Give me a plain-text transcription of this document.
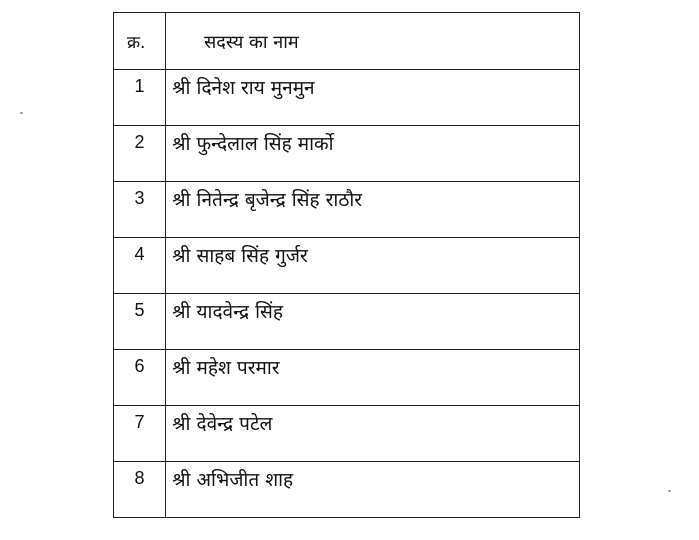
क्र.	सदस्य का नाम

1	श्री दिनेश राय मुनमुन

2	श्री फुन्देलाल सिंह मार्को

3	श्री नितेन्द्र बृजेन्द्र सिंह राठौर

4	श्री साहब सिंह गुर्जर

5	श्री यादवेन्द्र सिंह

6	श्री महेश परमार

7	श्री देवेन्द्र पटेल

8	श्री अभिजीत शाह
